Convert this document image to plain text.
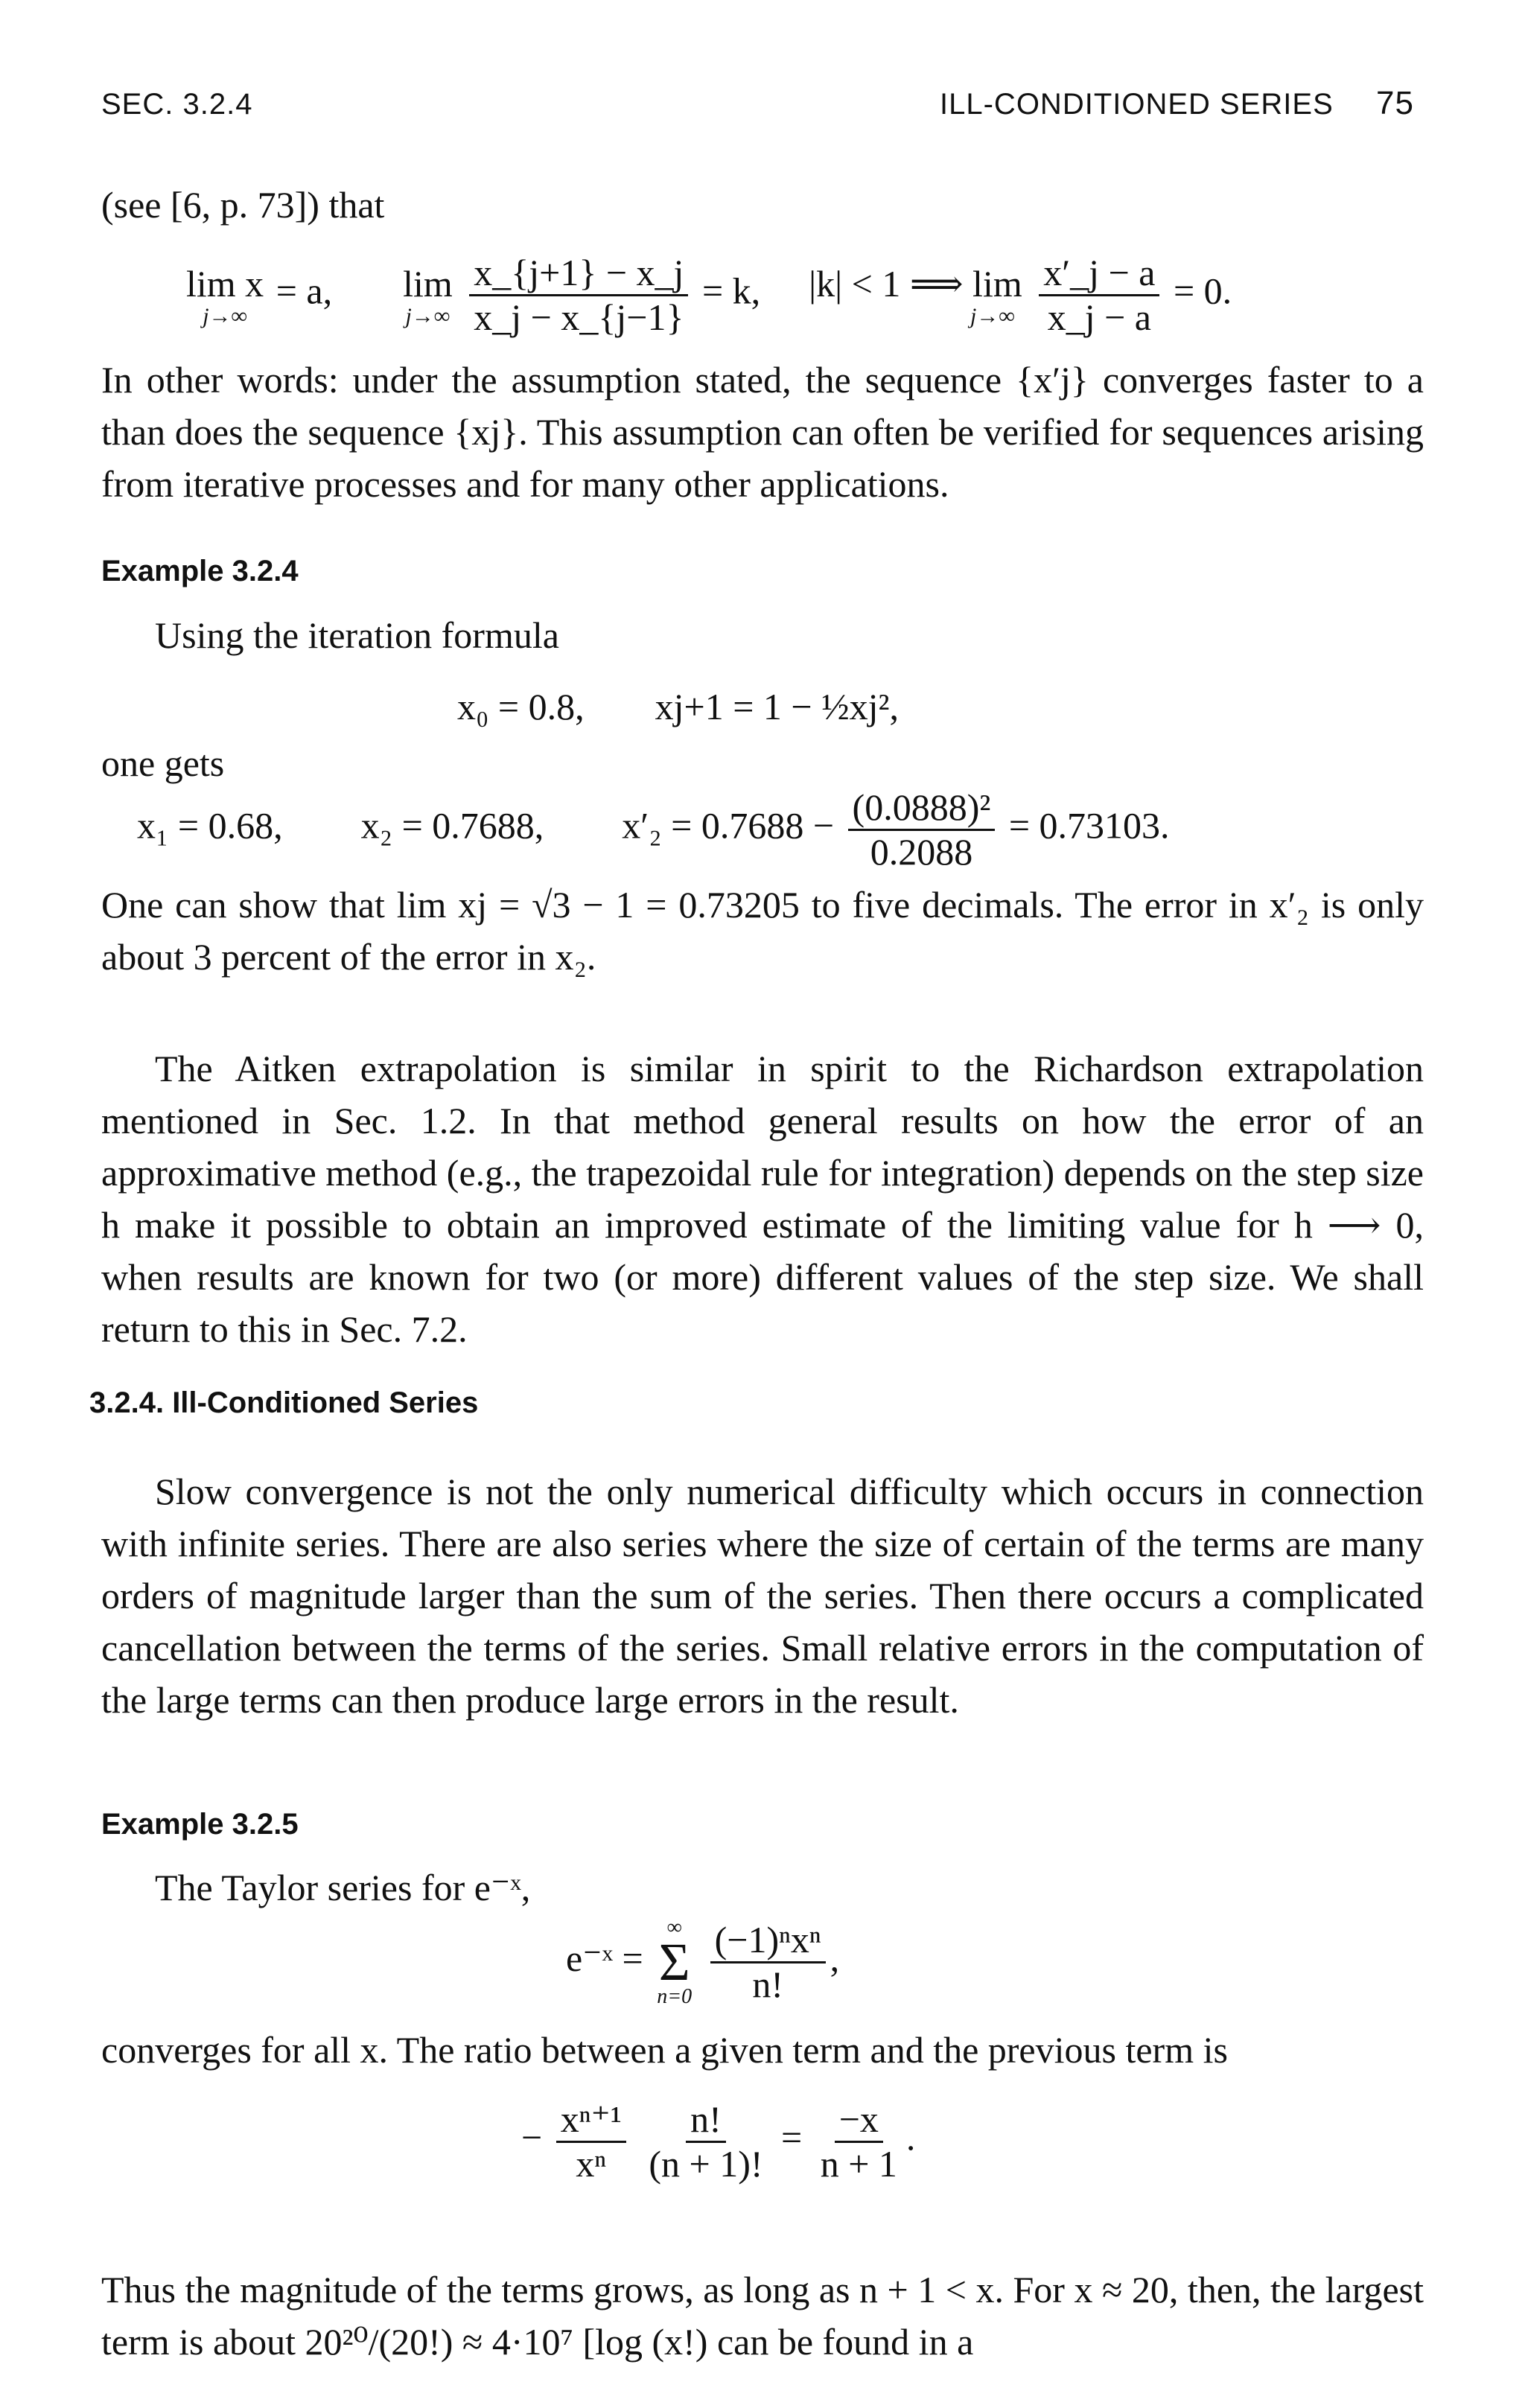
SEC. 3.2.4	ILL-CONDITIONED SERIES 75
(see [6, p. 73]) that
lim x
j→∞
= a, lim
j→∞
$\frac{x\_\{j+1\} - x\_j}{x\_j - x\_\{j-1\}} = k$, |k| < 1 ⟹ lim
j→∞
$\frac{x'\_j - a}{x\_j - a} = 0$.

In other words: under the assumption stated, the sequence {x′j} converges faster to a than does the sequence {xj}. This assumption can often be verified for sequences arising from iterative processes and for many other applications.

Example 3.2.4
Using the iteration formula
x₀ = 0.8, xj+1 = 1 − ½xj²,
one gets
x₁ = 0.68, x₂ = 0.7688, $x'_2 = 0.7688 - \frac{\text{(0.0888)²}}{0.2088} = 0.73103$.

One can show that lim xj = √3 − 1 = 0.73205 to five decimals. The error in x′₂ is only about 3 percent of the error in x₂.

The Aitken extrapolation is similar in spirit to the Richardson extrapolation mentioned in Sec. 1.2. In that method general results on how the error of an approximative method (e.g., the trapezoidal rule for integration) depends on the step size h make it possible to obtain an improved estimate of the limiting value for h ⟶ 0, when results are known for two (or more) different values of the step size. We shall return to this in Sec. 7.2.

3.2.4. Ill-Conditioned Series

Slow convergence is not the only numerical difficulty which occurs in connection with infinite series. There are also series where the size of certain of the terms are many orders of magnitude larger than the sum of the series. Then there occurs a complicated cancellation between the terms of the series. Small relative errors in the computation of the large terms can then produce large errors in the result.

Example 3.2.5
The Taylor series for e⁻ˣ,
e⁻ˣ =
∞
Σ
n=0
$\frac{\text{(−1)ⁿxⁿ}}{n!}$ ,
converges for all x. The ratio between a given term and the previous term is
− $\frac{\text{xⁿ⁺¹}}{\text{xⁿ}}$
$\frac{n!}{(n + 1)!} = \frac{-x}{n + 1}$ .

Thus the magnitude of the terms grows, as long as n + 1 < x. For x ≈ 20, then, the largest term is about 20²⁰/(20!) ≈ 4·10⁷ [log (x!) can be found in a
